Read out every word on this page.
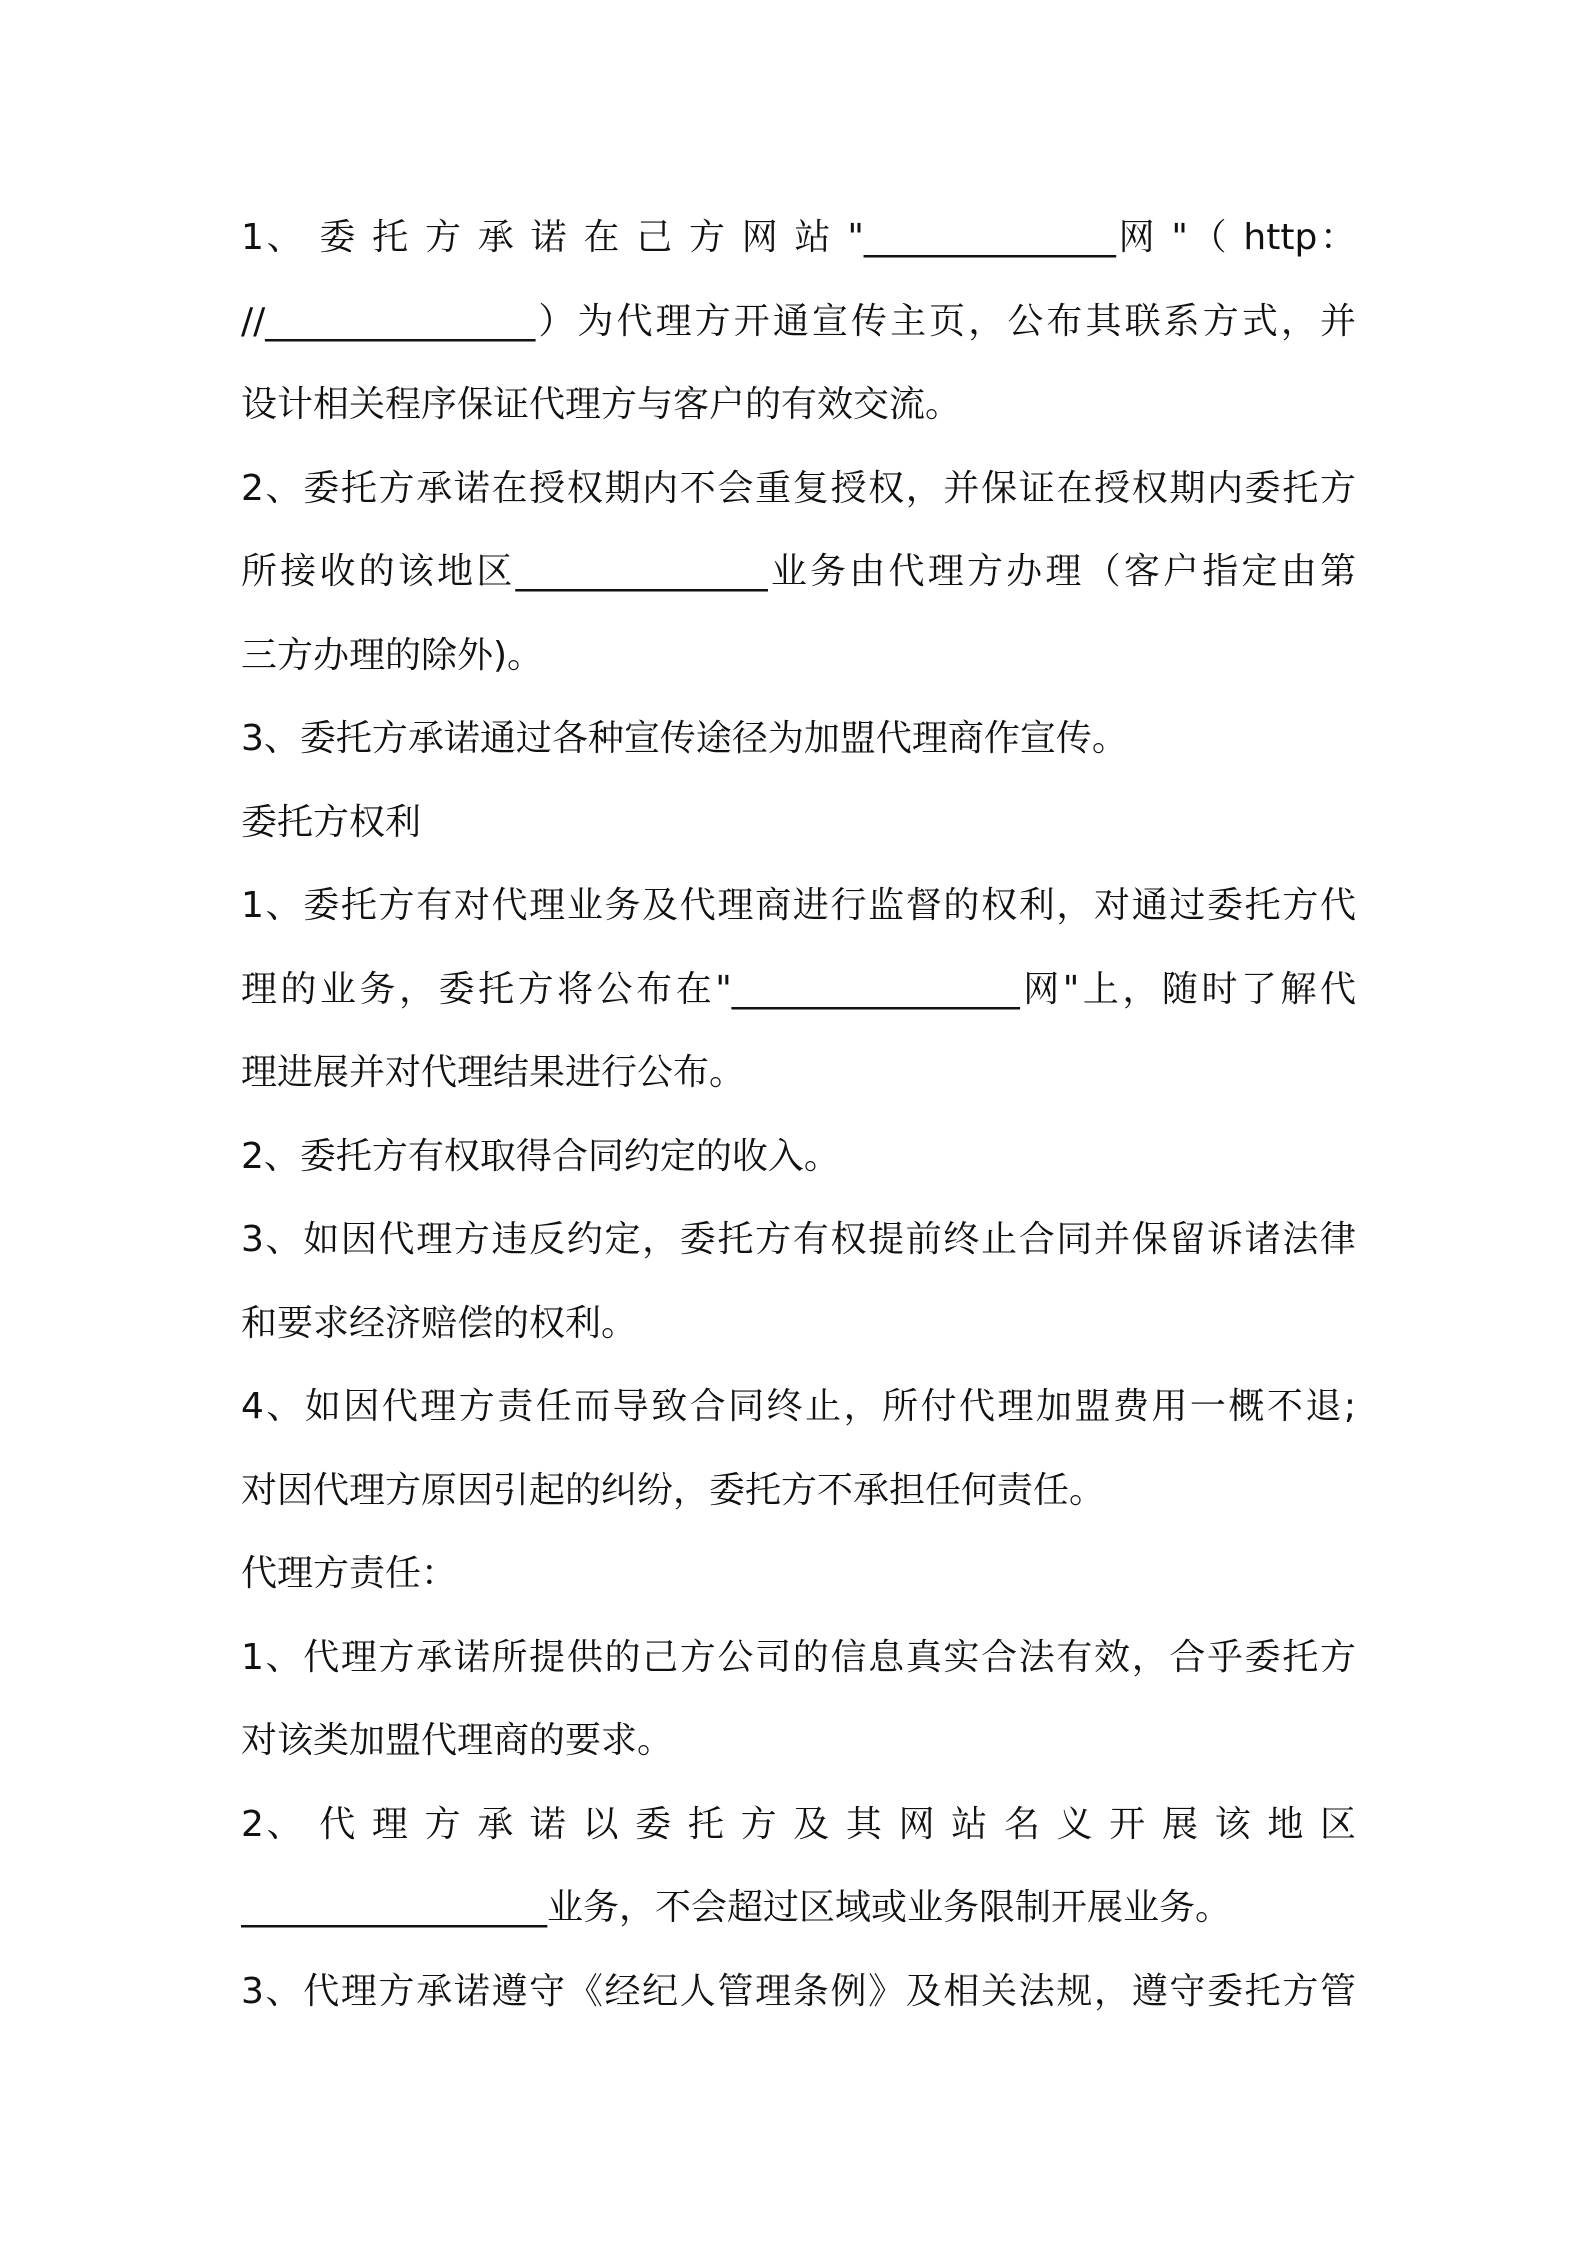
1、 委 托 方 承 诺 在 己 方 网 站 "______________网 "（ http：
//_______________）为代理方开通宣传主页，公布其联系方式，并
设计相关程序保证代理方与客户的有效交流。
2、委托方承诺在授权期内不会重复授权，并保证在授权期内委托方
所接收的该地区______________业务由代理方办理（客户指定由第
三方办理的除外)。
3、委托方承诺通过各种宣传途径为加盟代理商作宣传。
委托方权利
1、委托方有对代理业务及代理商进行监督的权利，对通过委托方代
理的业务，委托方将公布在"________________网"上，随时了解代
理进展并对代理结果进行公布。
2、委托方有权取得合同约定的收入。
3、如因代理方违反约定，委托方有权提前终止合同并保留诉诸法律
和要求经济赔偿的权利。
4、如因代理方责任而导致合同终止，所付代理加盟费用一概不退;
对因代理方原因引起的纠纷，委托方不承担任何责任。
代理方责任：
1、代理方承诺所提供的己方公司的信息真实合法有效，合乎委托方
对该类加盟代理商的要求。
2、 代 理 方 承 诺 以 委 托 方 及 其 网 站 名 义 开 展 该 地 区
_________________业务，不会超过区域或业务限制开展业务。
3、代理方承诺遵守《经纪人管理条例》及相关法规，遵守委托方管
